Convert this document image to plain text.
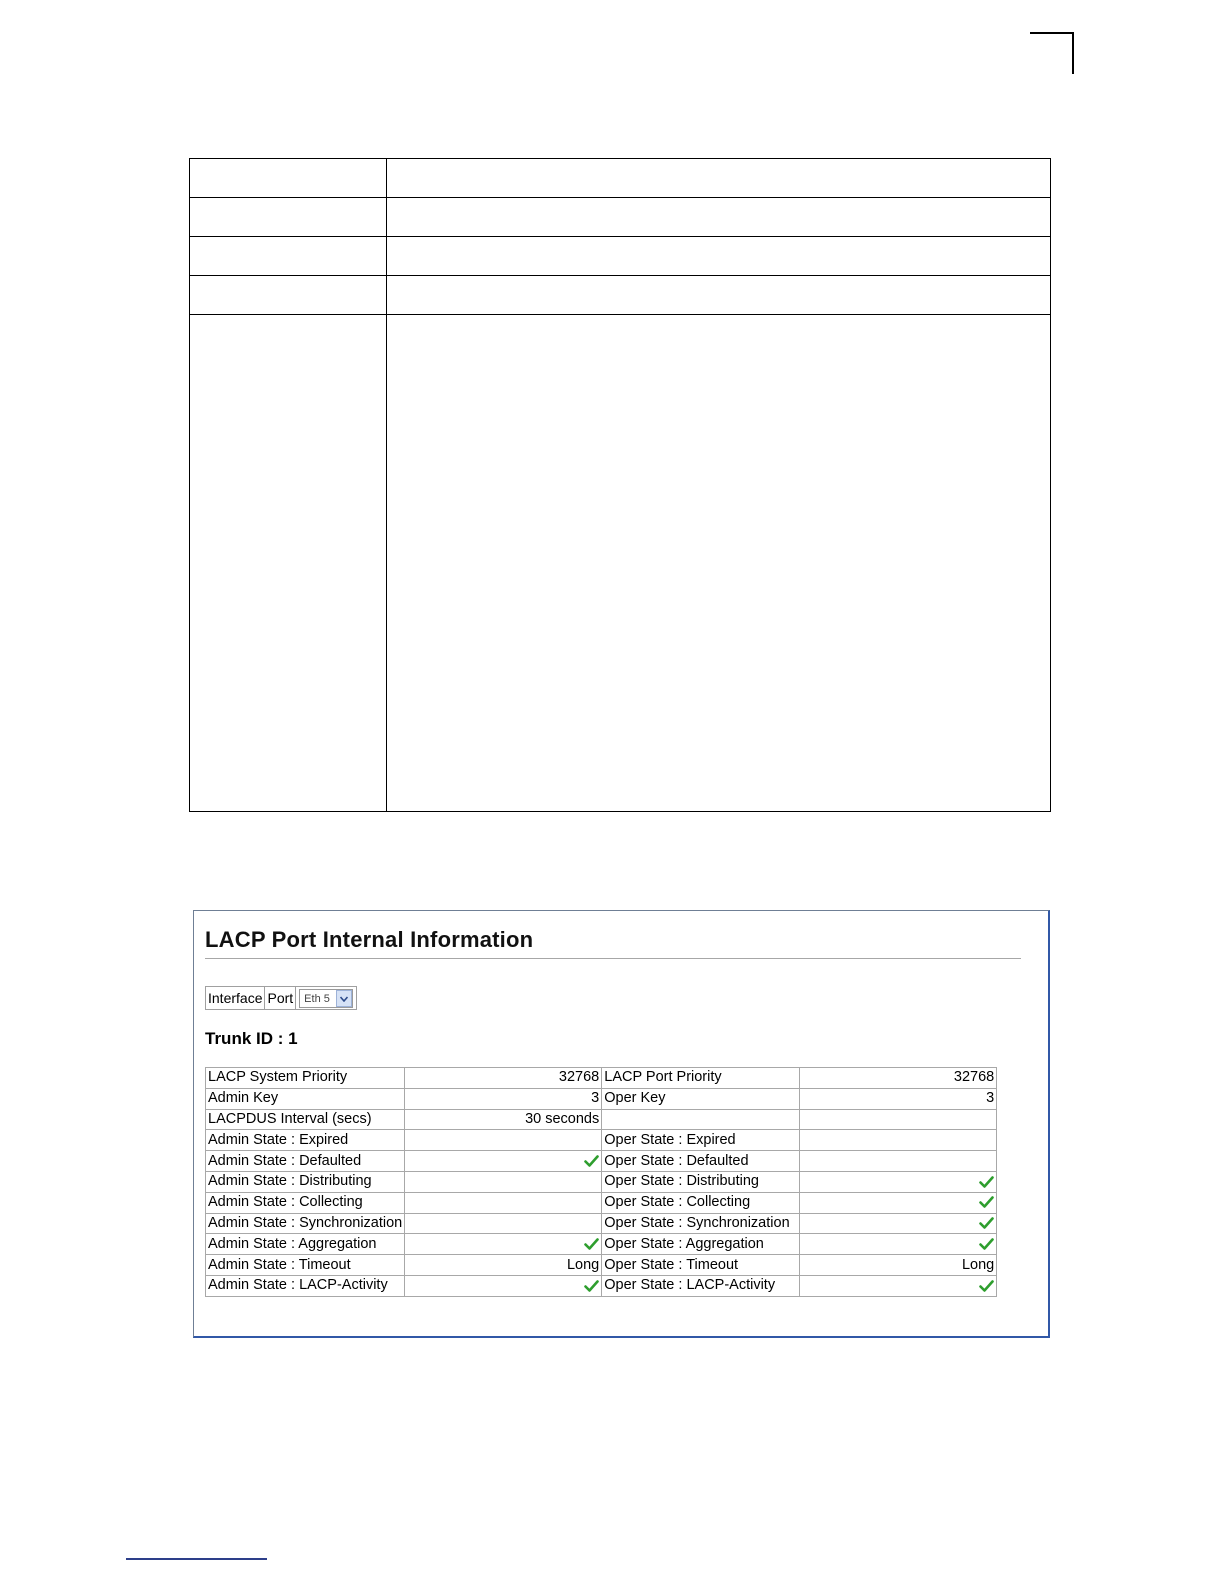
LACP Port Internal Information
Interface Port	Eth 5
Trunk ID : 1
LACP System Priority	32768	LACP Port Priority	32768
Admin Key	3	Oper Key	3
LACPDUS Interval (secs)	30 seconds		
Admin State : Expired		Oper State : Expired	
Admin State : Defaulted		Oper State : Defaulted	
Admin State : Distributing		Oper State : Distributing	
Admin State : Collecting		Oper State : Collecting	
Admin State : Synchronization		Oper State : Synchronization	
Admin State : Aggregation		Oper State : Aggregation	
Admin State : Timeout	Long	Oper State : Timeout	Long
Admin State : LACP-Activity		Oper State : LACP-Activity	
